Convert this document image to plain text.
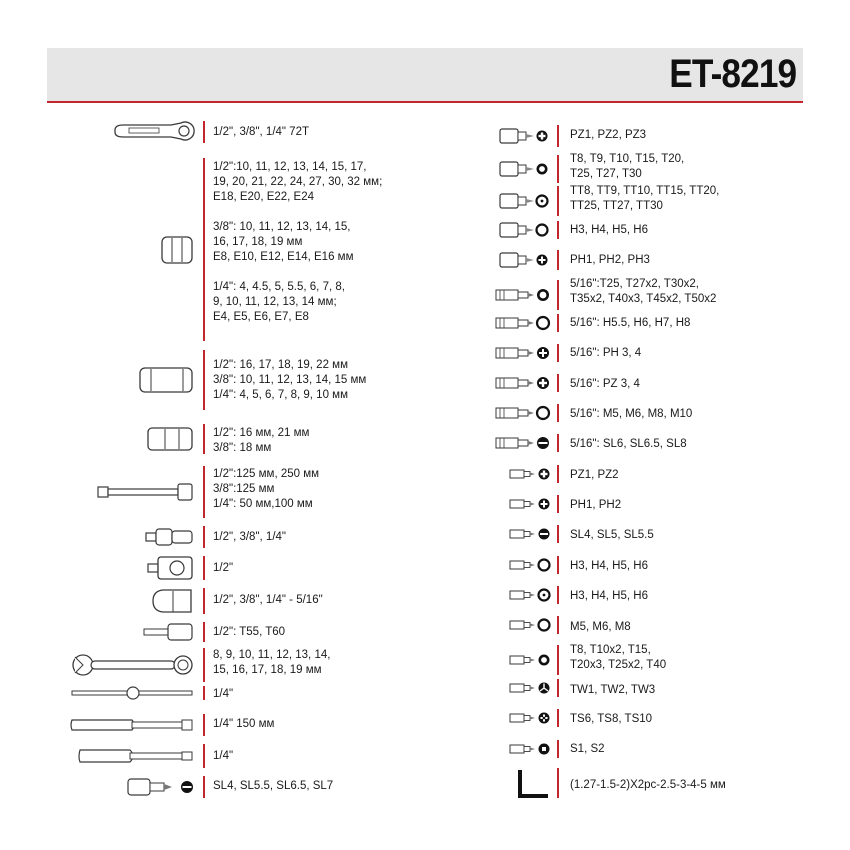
ET-8219
1/2", 3/8", 1/4" 72T
1/2":10, 11, 12, 13, 14, 15, 17,
19, 20, 21, 22, 24, 27, 30, 32 мм;
E18, E20, E22, E24

3/8": 10, 11, 12, 13, 14, 15,
16, 17, 18, 19 мм
E8, E10, E12, E14, E16 мм

1/4": 4, 4.5, 5, 5.5, 6, 7, 8,
9, 10, 11, 12, 13, 14 мм;
E4, E5, E6, E7, E8
1/2": 16, 17, 18, 19, 22 мм
3/8": 10, 11, 12, 13, 14, 15 мм
1/4": 4, 5, 6, 7, 8, 9, 10 мм
1/2": 16 мм, 21 мм
3/8": 18 мм
1/2":125 мм, 250 мм
3/8":125 мм
1/4": 50 мм,100 мм
1/2", 3/8", 1/4"
1/2"
1/2", 3/8", 1/4" - 5/16"
1/2": T55, T60
8, 9, 10, 11, 12, 13, 14,
15, 16, 17, 18, 19 мм
1/4"
1/4" 150 мм
1/4"
SL4, SL5.5, SL6.5, SL7
PZ1, PZ2, PZ3
T8, T9, T10, T15, T20,
T25, T27, T30
TT8, TT9, TT10, TT15, TT20,
TT25, TT27, TT30
H3, H4, H5, H6
PH1, PH2, PH3
5/16":T25, T27x2, T30x2,
T35x2, T40x3, T45x2, T50x2
5/16": H5.5, H6, H7, H8
5/16": PH 3, 4
5/16": PZ 3, 4
5/16": M5, M6, M8, M10
5/16": SL6, SL6.5, SL8
PZ1, PZ2
PH1, PH2
SL4, SL5, SL5.5
H3, H4, H5, H6
H3, H4, H5, H6
M5, M6, M8
T8, T10x2, T15,
T20x3, T25x2, T40
TW1, TW2, TW3
TS6, TS8, TS10
S1, S2
(1.27-1.5-2)X2pc-2.5-3-4-5 мм
